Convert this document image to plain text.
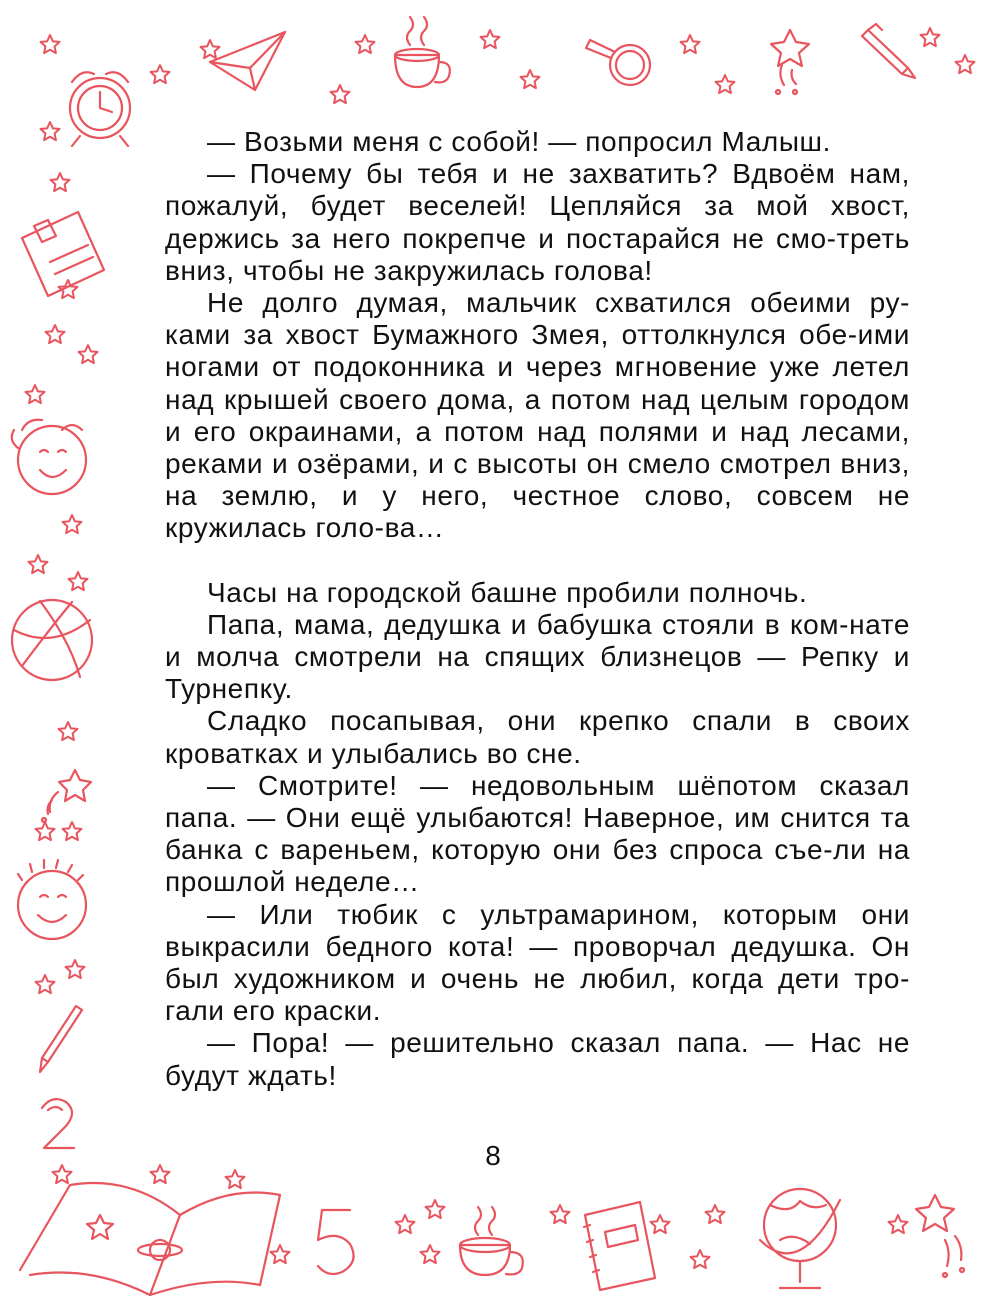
— Возьми меня с собой! — попросил Малыш.

— Почему бы тебя и не захватить? Вдвоём нам, пожалуй, будет веселей! Цепляйся за мой хвост, держись за него покрепче и постарайся не смо-треть вниз, чтобы не закружилась голова!

Не долго думая, мальчик схватился обеими ру-ками за хвост Бумажного Змея, оттолкнулся обе-ими ногами от подоконника и через мгновение уже летел над крышей своего дома, а потом над целым городом и его окраинами, а потом над полями и над лесами, реками и озёрами, и с высоты он смело смотрел вниз, на землю, и у него, честное слово, совсем не кружилась голо-ва…

Часы на городской башне пробили полночь.

Папа, мама, дедушка и бабушка стояли в ком-нате и молча смотрели на спящих близнецов — Репку и Турнепку.

Сладко посапывая, они крепко спали в своих кроватках и улыбались во сне.

— Смотрите! — недовольным шёпотом сказал папа. — Они ещё улыбаются! Наверное, им снится та банка с вареньем, которую они без спроса съе-ли на прошлой неделе…

— Или тюбик с ультрамарином, которым они выкрасили бедного кота! — проворчал дедушка. Он был художником и очень не любил, когда дети тро-гали его краски.

— Пора! — решительно сказал папа. — Нас не будут ждать!

8
